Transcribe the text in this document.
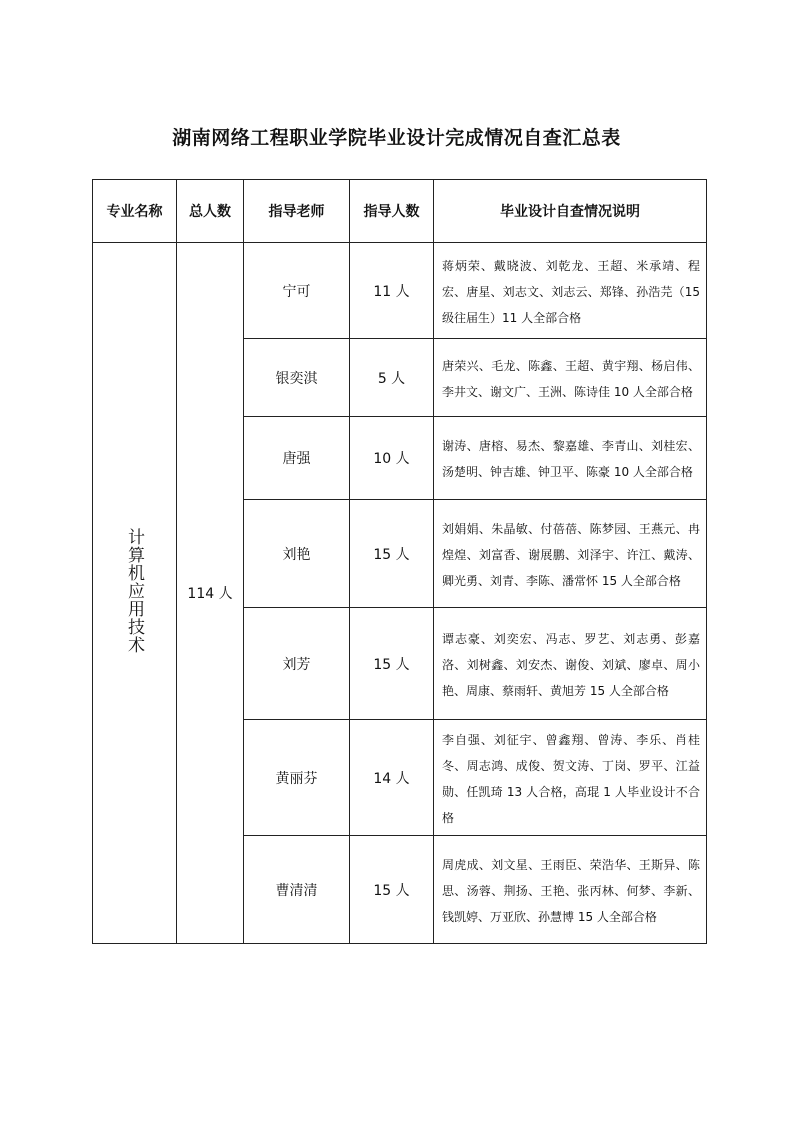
湖南网络工程职业学院毕业设计完成情况自查汇总表
专业名称	总人数	指导老师	指导人数	毕业设计自查情况说明
计算机应用技术	114 人	宁可	11 人	蒋炳荣、戴晓波、刘乾龙、王超、米承靖、程宏、唐星、刘志文、刘志云、郑锋、孙浩芫（15 级往届生）11 人全部合格
		银奕淇	5 人	唐荣兴、毛龙、陈鑫、王超、黄宇翔、杨启伟、李井文、谢文广、王洲、陈诗佳 10 人全部合格
		唐强	10 人	谢涛、唐榕、易杰、黎嘉雄、李青山、刘桂宏、汤楚明、钟吉雄、钟卫平、陈豪 10 人全部合格
		刘艳	15 人	刘娟娟、朱晶敏、付蓓蓓、陈梦园、王燕元、冉煌煌、刘富香、谢展鹏、刘泽宇、许江、戴涛、卿光勇、刘青、李陈、潘常怀 15 人全部合格
		刘芳	15 人	谭志豪、刘奕宏、冯志、罗艺、刘志勇、彭嘉洛、刘树鑫、刘安杰、谢俊、刘斌、廖卓、周小艳、周康、蔡雨轩、黄旭芳 15 人全部合格
		黄丽芬	14 人	李自强、刘征宇、曾鑫翔、曾涛、李乐、肖桂冬、周志鸿、成俊、贺文涛、丁岗、罗平、江益勋、任凯琦 13 人合格，高琨 1 人毕业设计不合格
		曹清清	15 人	周虎成、刘文星、王雨臣、荣浩华、王斯异、陈思、汤蓉、荆扬、王艳、张丙林、何梦、李新、钱凯婷、万亚欣、孙慧博 15 人全部合格
